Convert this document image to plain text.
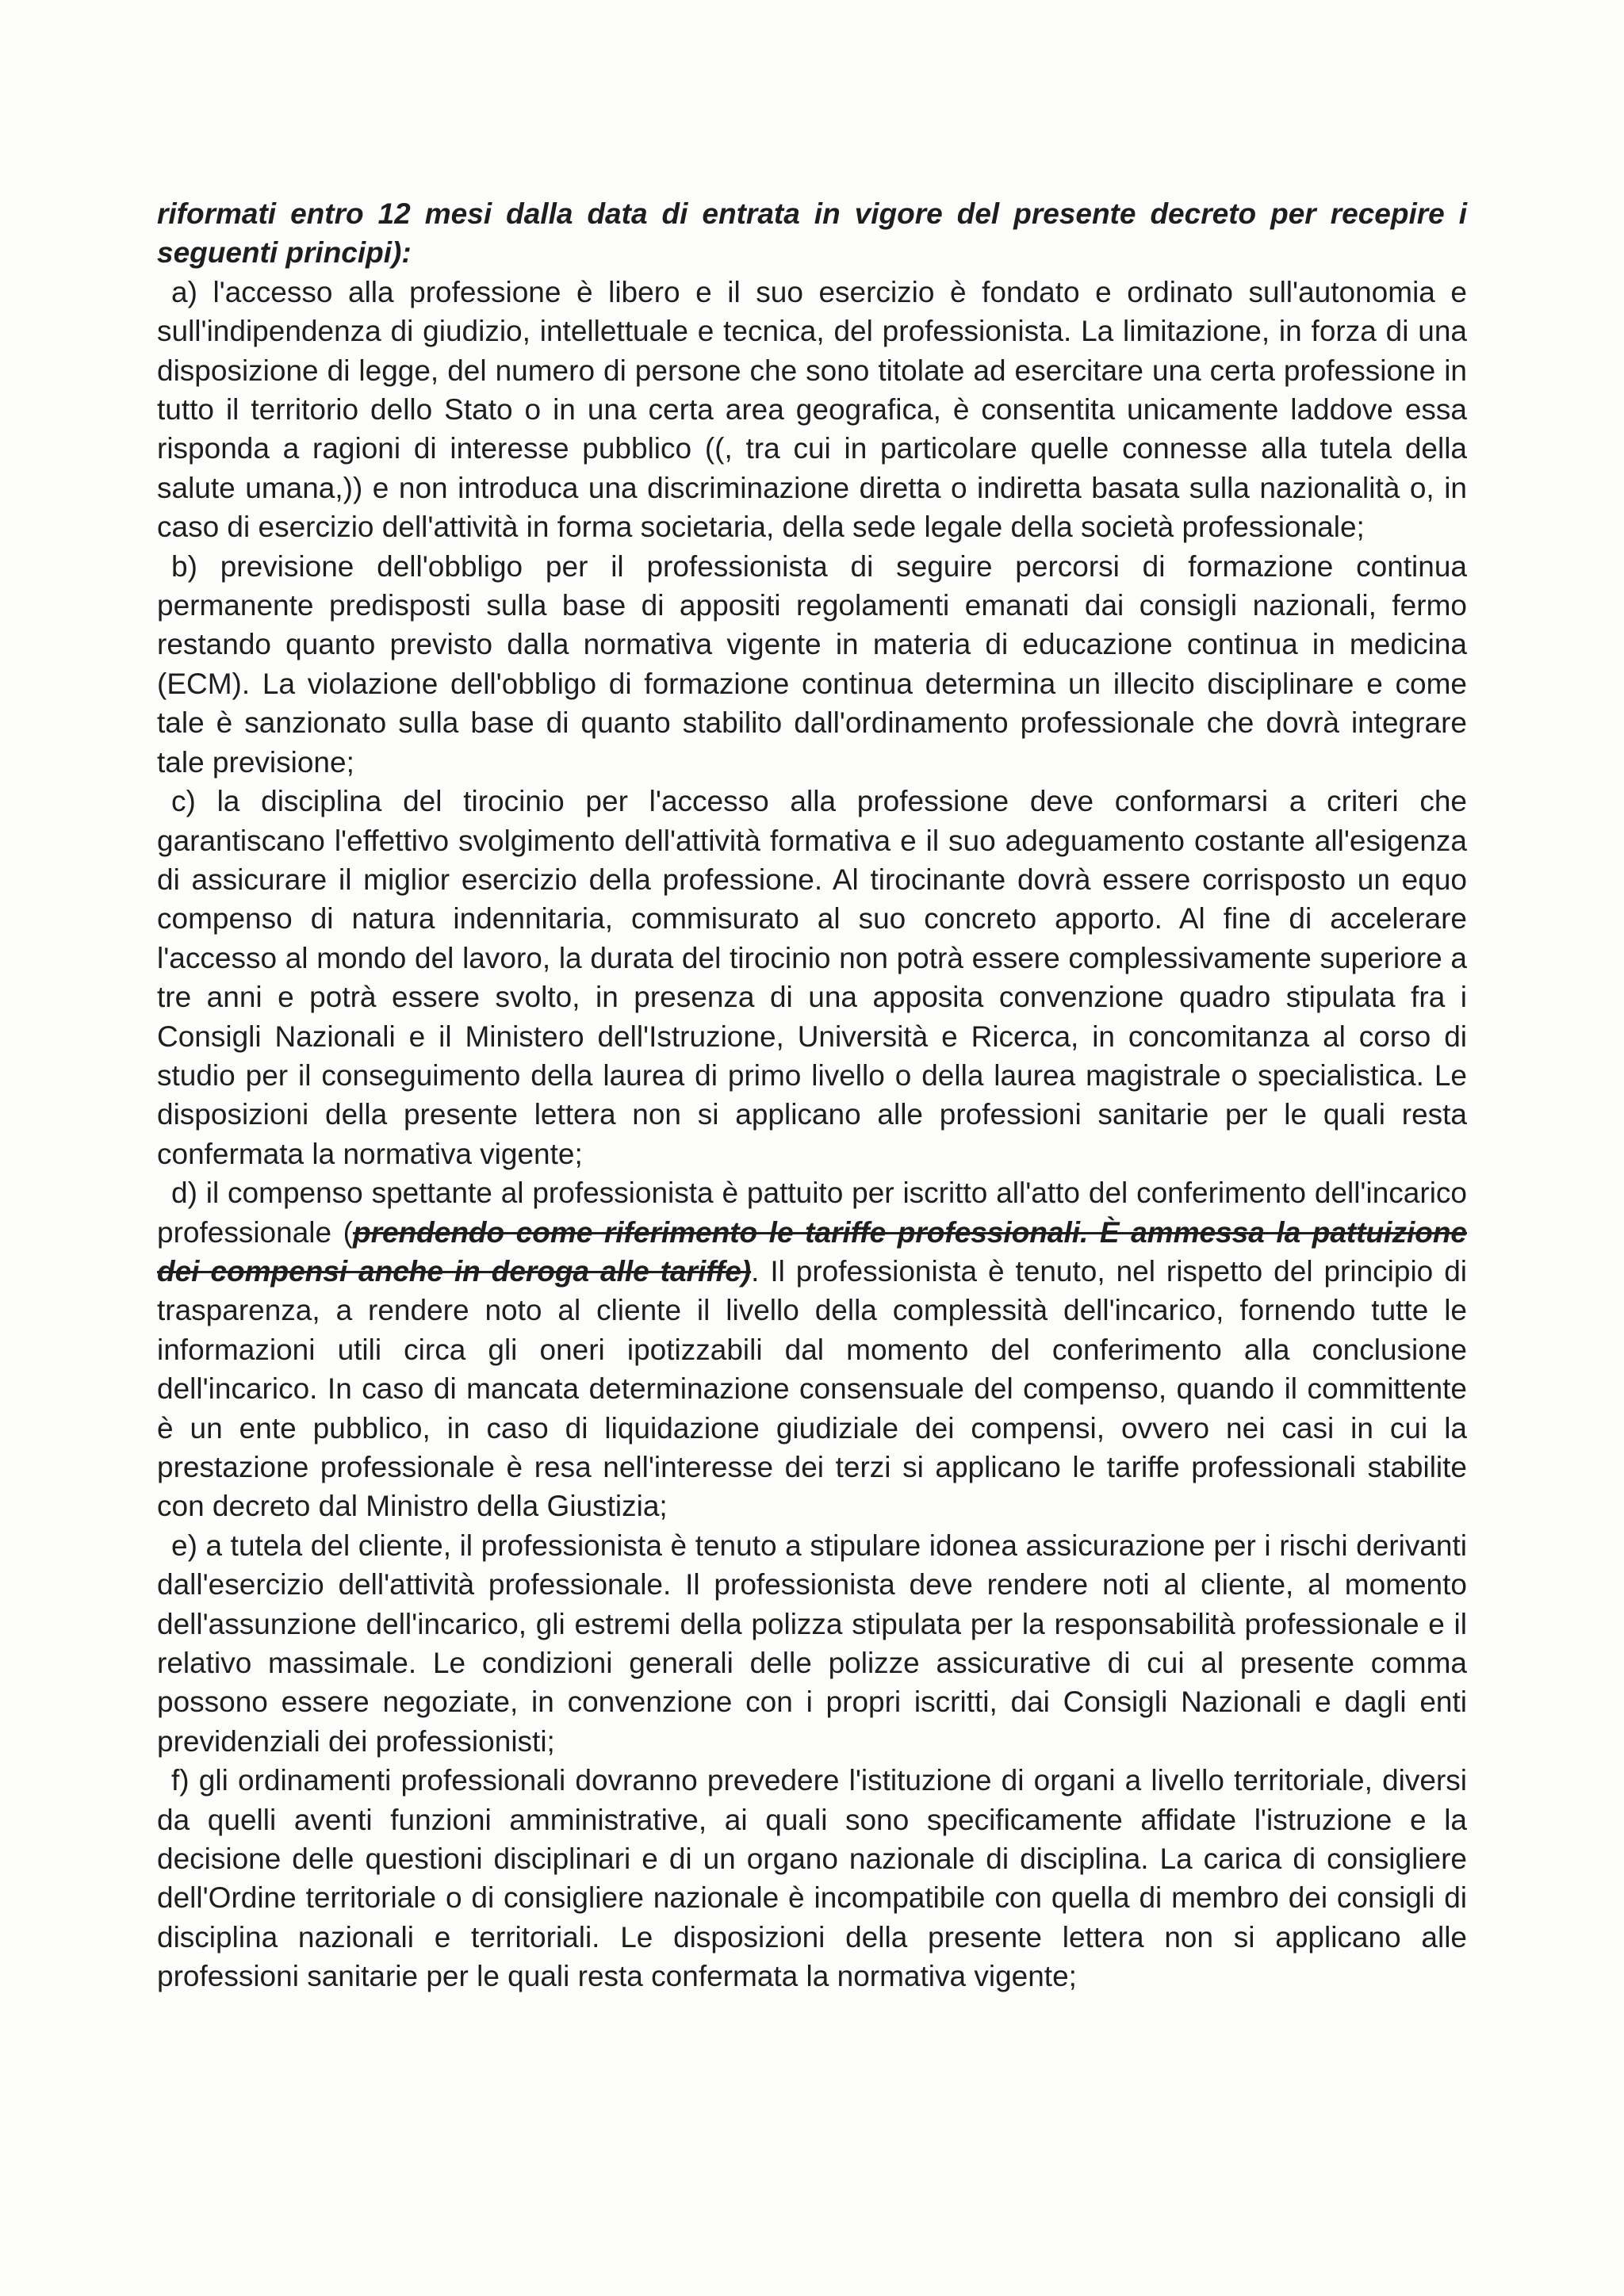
riformati entro 12 mesi dalla data di entrata in vigore del presente decreto per recepire i seguenti principi):

a) l'accesso alla professione è libero e il suo esercizio è fondato e ordinato sull'autonomia e sull'indipendenza di giudizio, intellettuale e tecnica, del professionista. La limitazione, in forza di una disposizione di legge, del numero di persone che sono titolate ad esercitare una certa professione in tutto il territorio dello Stato o in una certa area geografica, è consentita unicamente laddove essa risponda a ragioni di interesse pubblico ((, tra cui in particolare quelle connesse alla tutela della salute umana,)) e non introduca una discriminazione diretta o indiretta basata sulla nazionalità o, in caso di esercizio dell'attività in forma societaria, della sede legale della società professionale;

b) previsione dell'obbligo per il professionista di seguire percorsi di formazione continua permanente predisposti sulla base di appositi regolamenti emanati dai consigli nazionali, fermo restando quanto previsto dalla normativa vigente in materia di educazione continua in medicina (ECM). La violazione dell'obbligo di formazione continua determina un illecito disciplinare e come tale è sanzionato sulla base di quanto stabilito dall'ordinamento professionale che dovrà integrare tale previsione;

c) la disciplina del tirocinio per l'accesso alla professione deve conformarsi a criteri che garantiscano l'effettivo svolgimento dell'attività formativa e il suo adeguamento costante all'esigenza di assicurare il miglior esercizio della professione. Al tirocinante dovrà essere corrisposto un equo compenso di natura indennitaria, commisurato al suo concreto apporto. Al fine di accelerare l'accesso al mondo del lavoro, la durata del tirocinio non potrà essere complessivamente superiore a tre anni e potrà essere svolto, in presenza di una apposita convenzione quadro stipulata fra i Consigli Nazionali e il Ministero dell'Istruzione, Università e Ricerca, in concomitanza al corso di studio per il conseguimento della laurea di primo livello o della laurea magistrale o specialistica. Le disposizioni della presente lettera non si applicano alle professioni sanitarie per le quali resta confermata la normativa vigente;

d) il compenso spettante al professionista è pattuito per iscritto all'atto del conferimento dell'incarico professionale (prendendo come riferimento le tariffe professionali. È ammessa la pattuizione dei compensi anche in deroga alle tariffe). Il professionista è tenuto, nel rispetto del principio di trasparenza, a rendere noto al cliente il livello della complessità dell'incarico, fornendo tutte le informazioni utili circa gli oneri ipotizzabili dal momento del conferimento alla conclusione dell'incarico. In caso di mancata determinazione consensuale del compenso, quando il committente è un ente pubblico, in caso di liquidazione giudiziale dei compensi, ovvero nei casi in cui la prestazione professionale è resa nell'interesse dei terzi si applicano le tariffe professionali stabilite con decreto dal Ministro della Giustizia;

e) a tutela del cliente, il professionista è tenuto a stipulare idonea assicurazione per i rischi derivanti dall'esercizio dell'attività professionale. Il professionista deve rendere noti al cliente, al momento dell'assunzione dell'incarico, gli estremi della polizza stipulata per la responsabilità professionale e il relativo massimale. Le condizioni generali delle polizze assicurative di cui al presente comma possono essere negoziate, in convenzione con i propri iscritti, dai Consigli Nazionali e dagli enti previdenziali dei professionisti;

f) gli ordinamenti professionali dovranno prevedere l'istituzione di organi a livello territoriale, diversi da quelli aventi funzioni amministrative, ai quali sono specificamente affidate l'istruzione e la decisione delle questioni disciplinari e di un organo nazionale di disciplina. La carica di consigliere dell'Ordine territoriale o di consigliere nazionale è incompatibile con quella di membro dei consigli di disciplina nazionali e territoriali. Le disposizioni della presente lettera non si applicano alle professioni sanitarie per le quali resta confermata la normativa vigente;
